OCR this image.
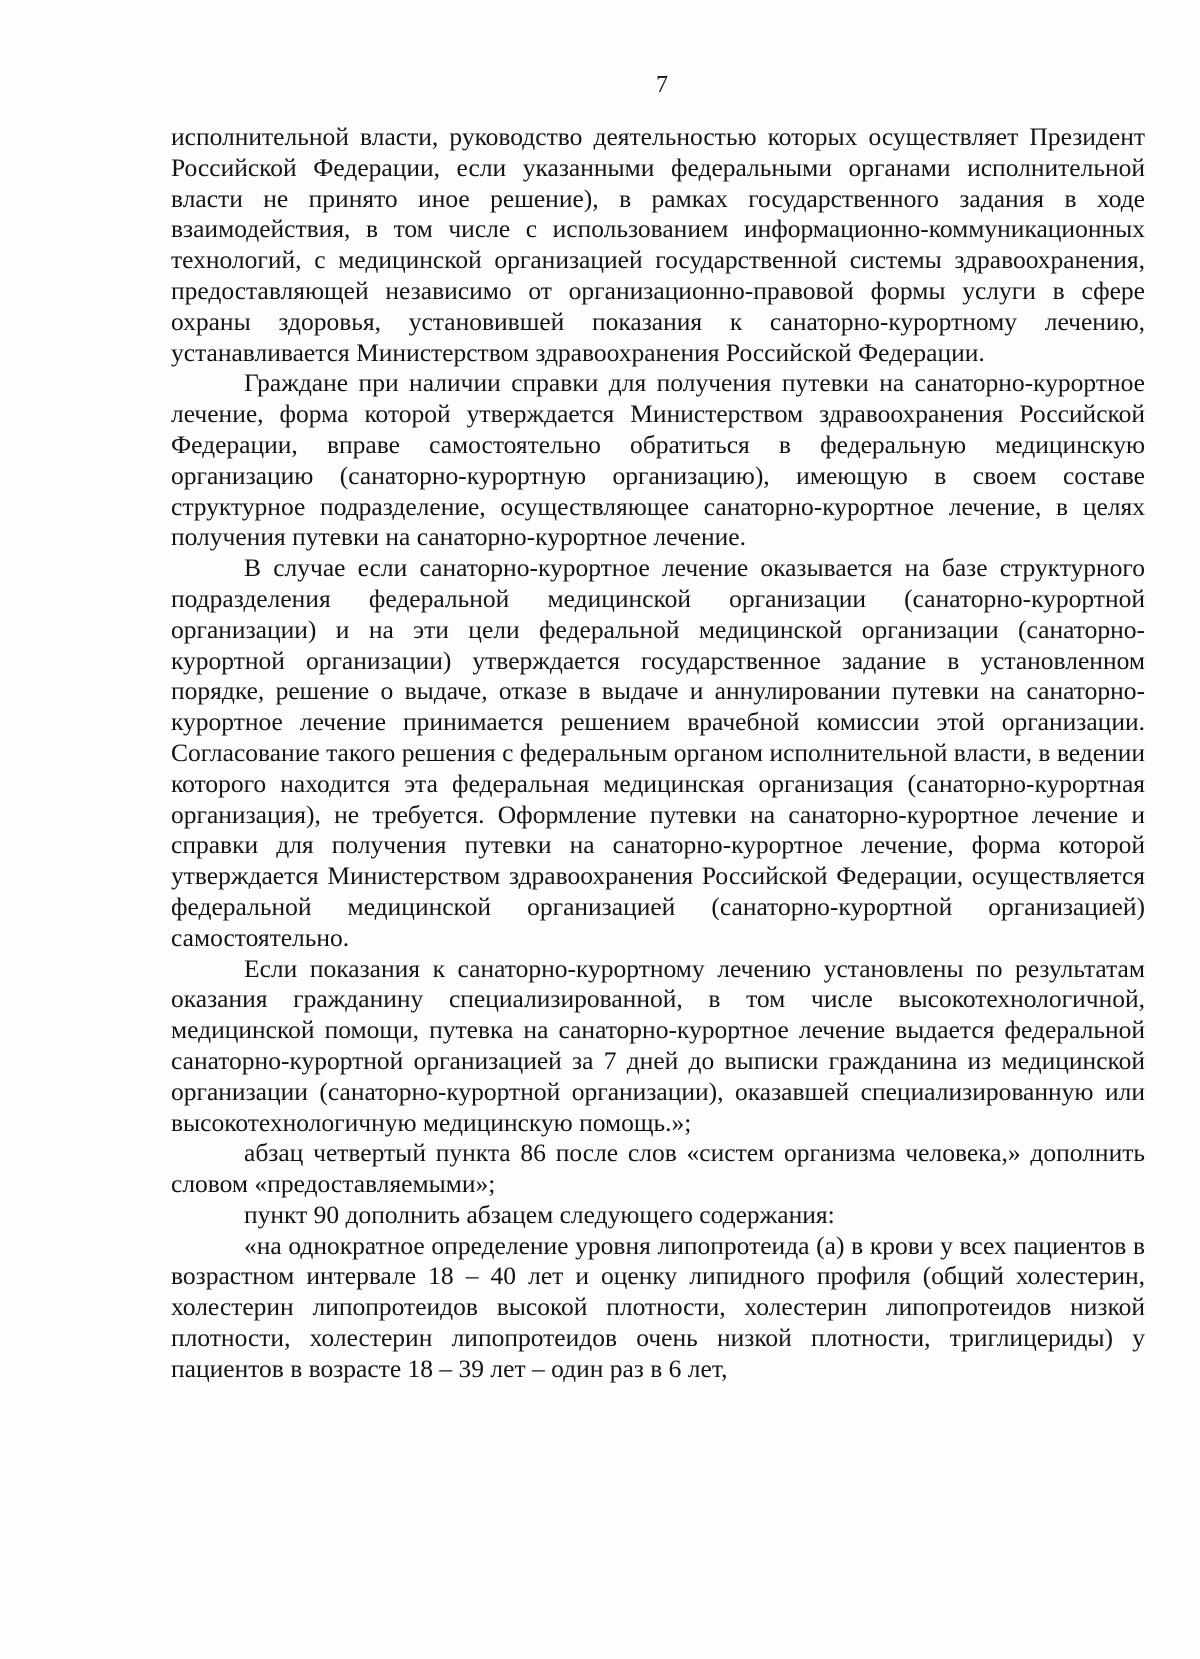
7

исполнительной власти, руководство деятельностью которых осуществляет Президент Российской Федерации, если указанными федеральными органами исполнительной власти не принято иное решение), в рамках государственного задания в ходе взаимодействия, в том числе с использованием информационно-коммуникационных технологий, с медицинской организацией государственной системы здравоохранения, предоставляющей независимо от организационно-правовой формы услуги в сфере охраны здоровья, установившей показания к санаторно-курортному лечению, устанавливается Министерством здравоохранения Российской Федерации.

Граждане при наличии справки для получения путевки на санаторно-курортное лечение, форма которой утверждается Министерством здравоохранения Российской Федерации, вправе самостоятельно обратиться в федеральную медицинскую организацию (санаторно-курортную организацию), имеющую в своем составе структурное подразделение, осуществляющее санаторно-курортное лечение, в целях получения путевки на санаторно-курортное лечение.

В случае если санаторно-курортное лечение оказывается на базе структурного подразделения федеральной медицинской организации (санаторно-курортной организации) и на эти цели федеральной медицинской организации (санаторно-курортной организации) утверждается государственное задание в установленном порядке, решение о выдаче, отказе в выдаче и аннулировании путевки на санаторно-курортное лечение принимается решением врачебной комиссии этой организации. Согласование такого решения с федеральным органом исполнительной власти, в ведении которого находится эта федеральная медицинская организация (санаторно-курортная организация), не требуется. Оформление путевки на санаторно-курортное лечение и справки для получения путевки на санаторно-курортное лечение, форма которой утверждается Министерством здравоохранения Российской Федерации, осуществляется федеральной медицинской организацией (санаторно-курортной организацией) самостоятельно.

Если показания к санаторно-курортному лечению установлены по результатам оказания гражданину специализированной, в том числе высокотехнологичной, медицинской помощи, путевка на санаторно-курортное лечение выдается федеральной санаторно-курортной организацией за 7 дней до выписки гражданина из медицинской организации (санаторно-курортной организации), оказавшей специализированную или высокотехнологичную медицинскую помощь.»;

абзац четвертый пункта 86 после слов «систем организма человека,» дополнить словом «предоставляемыми»;

пункт 90 дополнить абзацем следующего содержания:

«на однократное определение уровня липопротеида (а) в крови у всех пациентов в возрастном интервале 18 – 40 лет и оценку липидного профиля (общий холестерин, холестерин липопротеидов высокой плотности, холестерин липопротеидов низкой плотности, холестерин липопротеидов очень низкой плотности, триглицериды) у пациентов в возрасте 18 – 39 лет – один раз в 6 лет,
